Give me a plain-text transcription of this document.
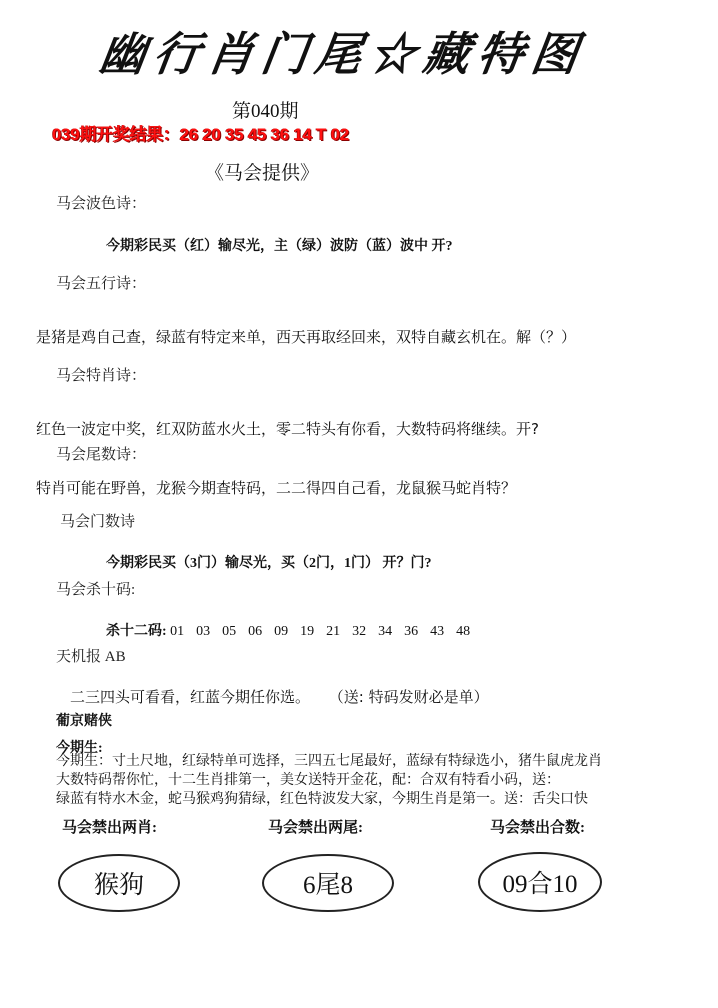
幽行肖门尾☆藏特图
第040期
039期开奖结果：26 20 35 45 36 14 T 02
《马会提供》
马会波色诗：
今期彩民买（红）输尽光，主（绿）波防（蓝）波中 开?
马会五行诗：
是猪是鸡自己查，绿蓝有特定来单，西天再取经回来，双特自藏玄机在。解（？）
马会特肖诗：
红色一波定中奖，红双防蓝水火土，零二特头有你看，大数特码将继续。开?
马会尾数诗：
特肖可能在野兽，龙猴今期查特码，二二得四自己看，龙鼠猴马蛇肖特？
马会门数诗
今期彩民买（3门）输尽光，买（2门，1门） 开？门?
马会杀十码:
杀十二码: 01 03 05 06 09 19 21 32 34 36 43 48
天机报 AB
二三四头可看看，红蓝今期任你选。 （送: 特码发财必是单）
葡京赌侠
今期生:
今期生：寸土尺地，红绿特单可选择，三四五七尾最好，蓝绿有特绿选小，猪牛鼠虎龙肖
大数特码帮你忙，十二生肖排第一，美女送特开金花，配：合双有特看小码，送：
绿蓝有特水木金，蛇马猴鸡狗猜绿，红色特波发大家，今期生肖是第一。送：舌尖口快
马会禁出两肖:	马会禁出两尾:	马会禁出合数:
猴狗	6尾8	09合10
